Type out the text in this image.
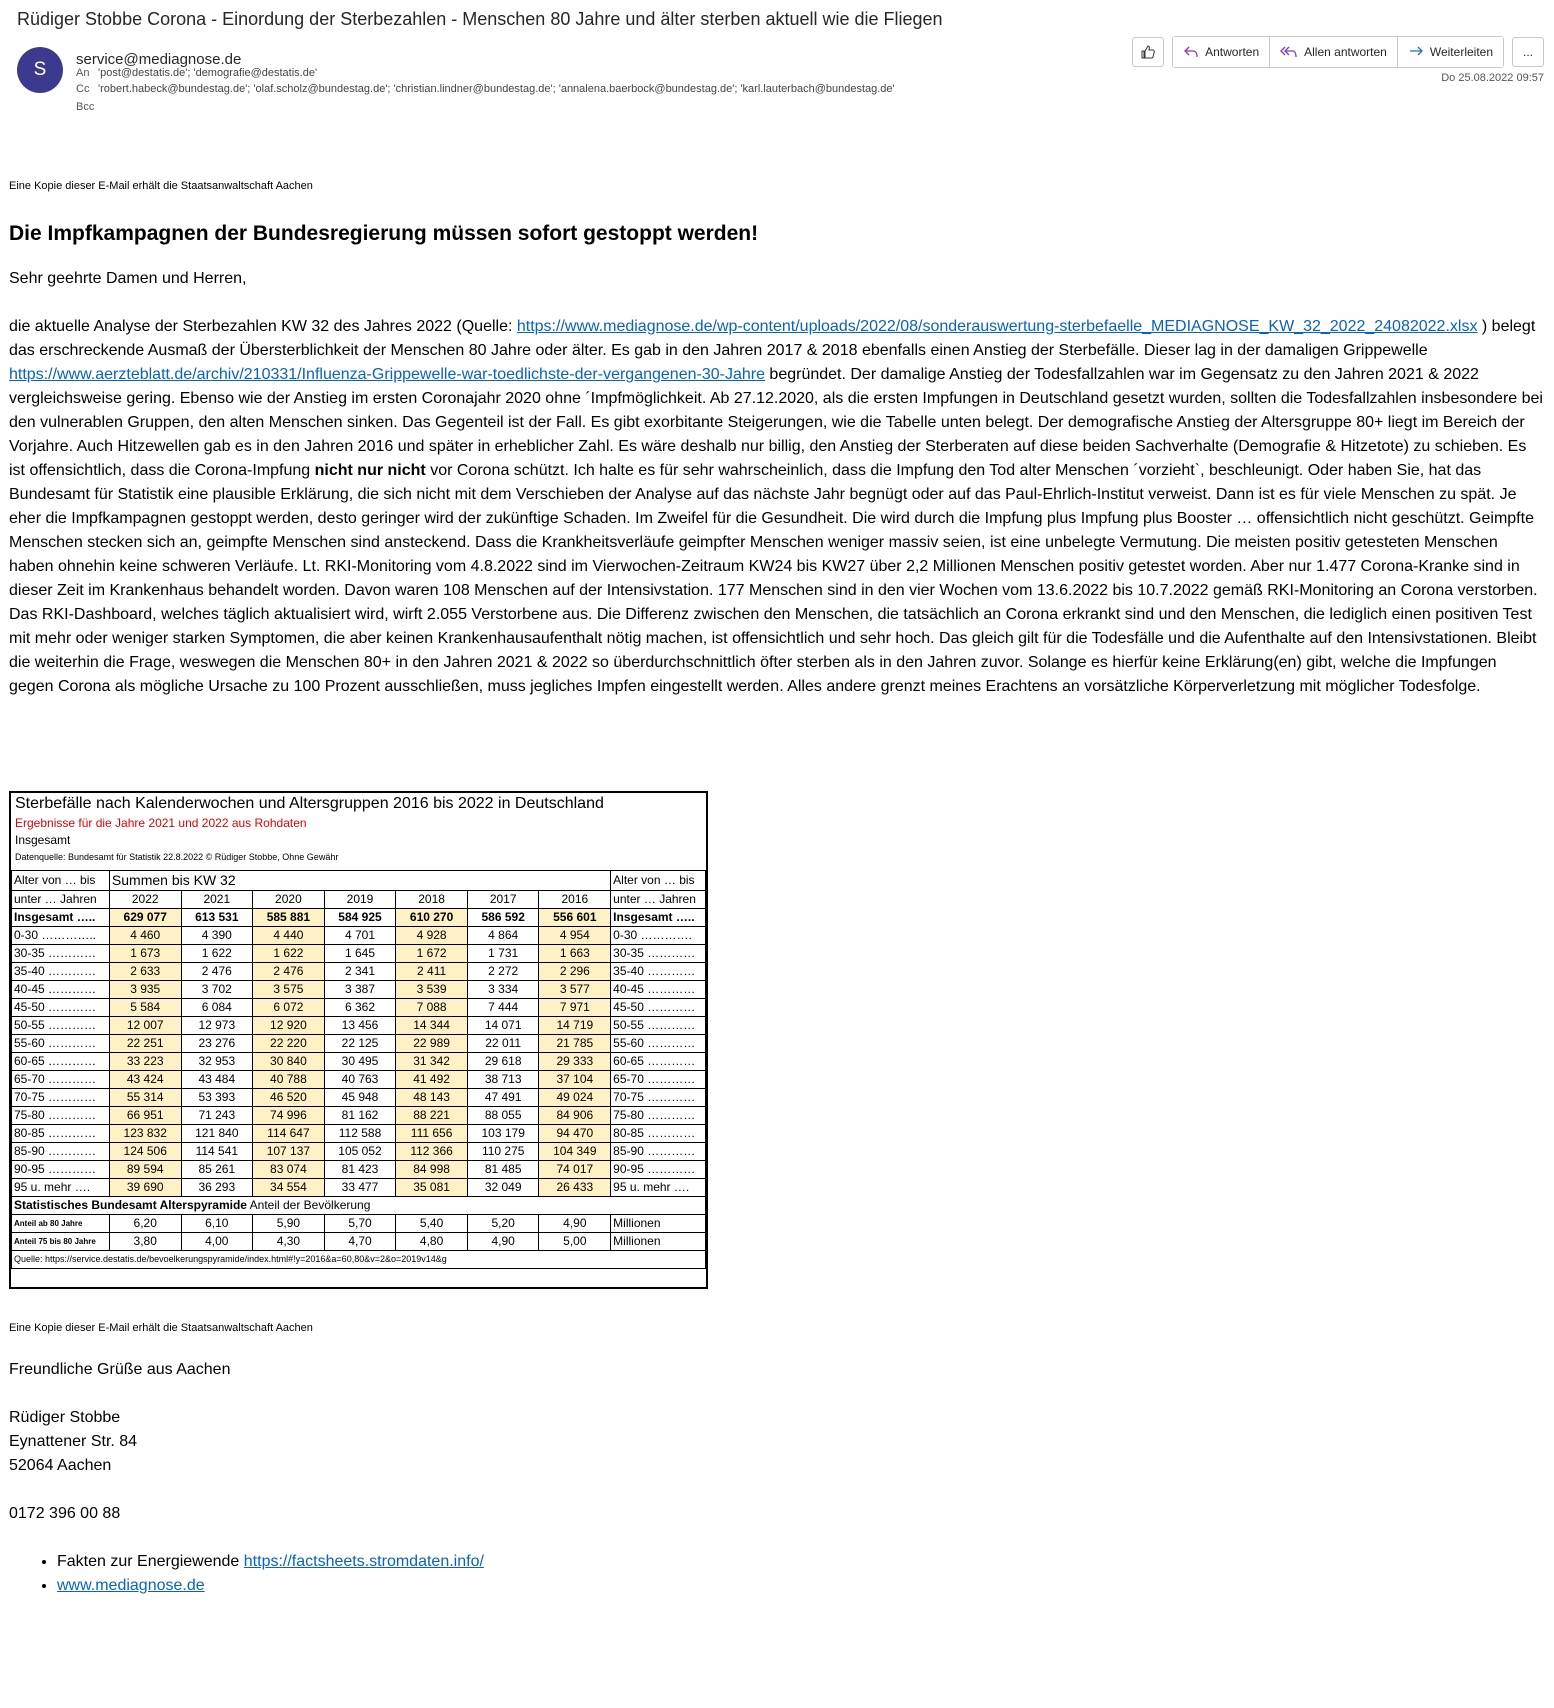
Rüdiger Stobbe Corona - Einordung der Sterbezahlen - Menschen 80 Jahre und älter sterben aktuell wie die Fliegen
S	service@mediagnose.de
An 'post@destatis.de'; 'demografie@destatis.de'
Cc 'robert.habeck@bundestag.de'; 'olaf.scholz@bundestag.de'; 'christian.lindner@bundestag.de'; 'annalena.baerbock@bundestag.de'; 'karl.lauterbach@bundestag.de'
Bcc
Antworten	Allen antworten	Weiterleiten ...
Do 25.08.2022 09:57
Eine Kopie dieser E-Mail erhält die Staatsanwaltschaft Aachen
Die Impfkampagnen der Bundesregierung müssen sofort gestoppt werden!
Sehr geehrte Damen und Herren,
die aktuelle Analyse der Sterbezahlen KW 32 des Jahres 2022 (Quelle: https://www.mediagnose.de/wp-content/uploads/2022/08/sonderauswertung-sterbefaelle_MEDIAGNOSE_KW_32_2022_24082022.xlsx ) belegt das erschreckende Ausmaß der Übersterblichkeit der Menschen 80 Jahre oder älter. Es gab in den Jahren 2017 & 2018 ebenfalls einen Anstieg der Sterbefälle. Dieser lag in der damaligen Grippewelle https://www.aerzteblatt.de/archiv/210331/Influenza-Grippewelle-war-toedlichste-der-vergangenen-30-Jahre begründet. Der damalige Anstieg der Todesfallzahlen war im Gegensatz zu den Jahren 2021 & 2022 vergleichsweise gering. Ebenso wie der Anstieg im ersten Coronajahr 2020 ohne ´Impfmöglichkeit. Ab 27.12.2020, als die ersten Impfungen in Deutschland gesetzt wurden, sollten die Todesfallzahlen insbesondere bei den vulnerablen Gruppen, den alten Menschen sinken. Das Gegenteil ist der Fall. Es gibt exorbitante Steigerungen, wie die Tabelle unten belegt. Der demografische Anstieg der Altersgruppe 80+ liegt im Bereich der Vorjahre. Auch Hitzewellen gab es in den Jahren 2016 und später in erheblicher Zahl. Es wäre deshalb nur billig, den Anstieg der Sterberaten auf diese beiden Sachverhalte (Demografie & Hitzetote) zu schieben. Es ist offensichtlich, dass die Corona-Impfung nicht nur nicht vor Corona schützt. Ich halte es für sehr wahrscheinlich, dass die Impfung den Tod alter Menschen ´vorzieht`, beschleunigt. Oder haben Sie, hat das Bundesamt für Statistik eine plausible Erklärung, die sich nicht mit dem Verschieben der Analyse auf das nächste Jahr begnügt oder auf das Paul-Ehrlich-Institut verweist. Dann ist es für viele Menschen zu spät. Je eher die Impfkampagnen gestoppt werden, desto geringer wird der zukünftige Schaden. Im Zweifel für die Gesundheit. Die wird durch die Impfung plus Impfung plus Booster … offensichtlich nicht geschützt. Geimpfte Menschen stecken sich an, geimpfte Menschen sind ansteckend. Dass die Krankheitsverläufe geimpfter Menschen weniger massiv seien, ist eine unbelegte Vermutung. Die meisten positiv getesteten Menschen haben ohnehin keine schweren Verläufe. Lt. RKI-Monitoring vom 4.8.2022 sind im Vierwochen-Zeitraum KW24 bis KW27 über 2,2 Millionen Menschen positiv getestet worden. Aber nur 1.477 Corona-Kranke sind in dieser Zeit im Krankenhaus behandelt worden. Davon waren 108 Menschen auf der Intensivstation. 177 Menschen sind in den vier Wochen vom 13.6.2022 bis 10.7.2022 gemäß RKI-Monitoring an Corona verstorben. Das RKI-Dashboard, welches täglich aktualisiert wird, wirft 2.055 Verstorbene aus. Die Differenz zwischen den Menschen, die tatsächlich an Corona erkrankt sind und den Menschen, die lediglich einen positiven Test mit mehr oder weniger starken Symptomen, die aber keinen Krankenhausaufenthalt nötig machen, ist offensichtlich und sehr hoch. Das gleich gilt für die Todesfälle und die Aufenthalte auf den Intensivstationen. Bleibt die weiterhin die Frage, weswegen die Menschen 80+ in den Jahren 2021 & 2022 so überdurchschnittlich öfter sterben als in den Jahren zuvor. Solange es hierfür keine Erklärung(en) gibt, welche die Impfungen gegen Corona als mögliche Ursache zu 100 Prozent ausschließen, muss jegliches Impfen eingestellt werden. Alles andere grenzt meines Erachtens an vorsätzliche Körperverletzung mit möglicher Todesfolge.
Sterbefälle nach Kalenderwochen und Altersgruppen 2016 bis 2022 in Deutschland
Ergebnisse für die Jahre 2021 und 2022 aus Rohdaten
Insgesamt
Datenquelle: Bundesamt für Statistik 22.8.2022 © Rüdiger Stobbe, Ohne Gewähr
Alter von … bis	Summen bis KW 32							Alter von … bis
unter … Jahren	2022	2021	2020	2019	2018	2017	2016	unter … Jahren
Insgesamt …..	629 077	613 531	585 881	584 925	610 270	586 592	556 601	Insgesamt …..
0-30 …………..	4 460	4 390	4 440	4 701	4 928	4 864	4 954	0-30 ………….
30-35 …………	1 673	1 622	1 622	1 645	1 672	1 731	1 663	30-35 …………
35-40 …………	2 633	2 476	2 476	2 341	2 411	2 272	2 296	35-40 …………
40-45 …………	3 935	3 702	3 575	3 387	3 539	3 334	3 577	40-45 …………
45-50 …………	5 584	6 084	6 072	6 362	7 088	7 444	7 971	45-50 …………
50-55 …………	12 007	12 973	12 920	13 456	14 344	14 071	14 719	50-55 …………
55-60 …………	22 251	23 276	22 220	22 125	22 989	22 011	21 785	55-60 …………
60-65 …………	33 223	32 953	30 840	30 495	31 342	29 618	29 333	60-65 …………
65-70 …………	43 424	43 484	40 788	40 763	41 492	38 713	37 104	65-70 …………
70-75 …………	55 314	53 393	46 520	45 948	48 143	47 491	49 024	70-75 …………
75-80 …………	66 951	71 243	74 996	81 162	88 221	88 055	84 906	75-80 …………
80-85 …………	123 832	121 840	114 647	112 588	111 656	103 179	94 470	80-85 …………
85-90 …………	124 506	114 541	107 137	105 052	112 366	110 275	104 349	85-90 …………
90-95 …………	89 594	85 261	83 074	81 423	84 998	81 485	74 017	90-95 …………
95 u. mehr ….	39 690	36 293	34 554	33 477	35 081	32 049	26 433	95 u. mehr ….
Statistisches Bundesamt Alterspyramide Anteil der Bevölkerung								
Anteil ab 80 Jahre	6,20	6,10	5,90	5,70	5,40	5,20	4,90	Millionen
Anteil 75 bis 80 Jahre	3,80	4,00	4,30	4,70	4,80	4,90	5,00	Millionen
Quelle: https://service.destatis.de/bevoelkerungspyramide/index.html#!y=2016&a=60,80&v=2&o=2019v14&g								
Eine Kopie dieser E-Mail erhält die Staatsanwaltschaft Aachen
Freundliche Grüße aus Aachen
Rüdiger Stobbe
Eynattener Str. 84
52064 Aachen
0172 396 00 88
• Fakten zur Energiewende https://factsheets.stromdaten.info/
• www.mediagnose.de
